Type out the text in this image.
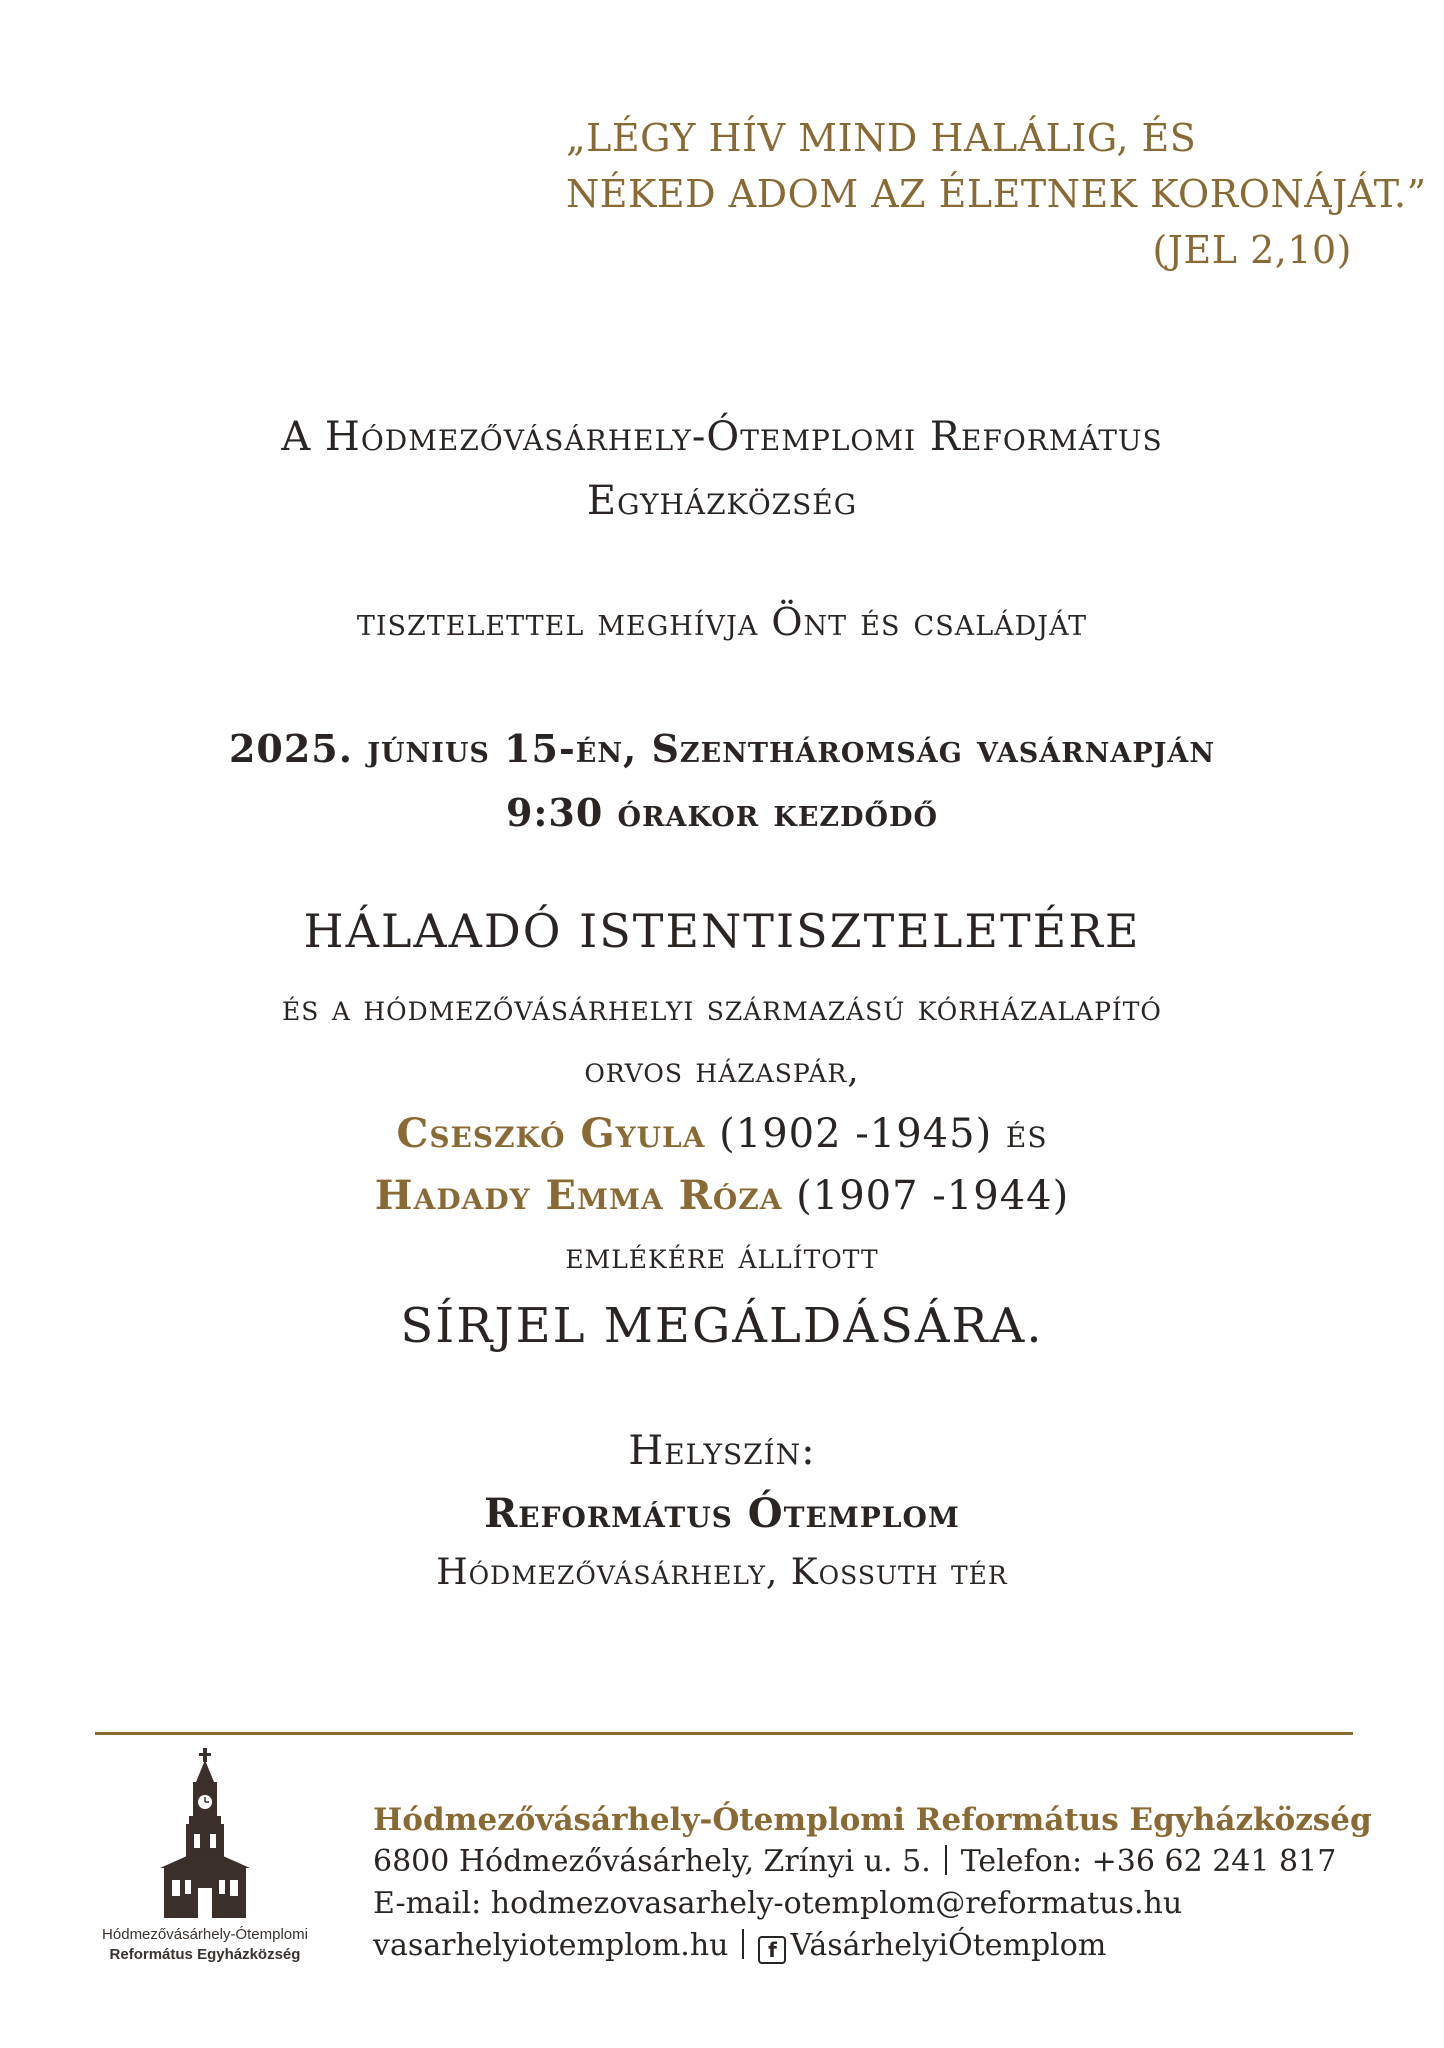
„LÉGY HÍV MIND HALÁLIG, ÉS
NÉKED ADOM AZ ÉLETNEK KORONÁJÁT.”
(JEL 2,10)
A Hódmezővásárhely-Ótemplomi Református
Egyházközség
tisztelettel meghívja Önt és családját
2025. június 15-én, Szentháromság vasárnapján
9:30 órakor kezdődő
HÁLAADÓ ISTENTISZTELETÉRE
és a hódmezővásárhelyi származású kórházalapító
orvos házaspár,
Cseszkó Gyula (1902 -1945) és
Hadady Emma Róza (1907 -1944)
emlékére állított
SÍRJEL MEGÁLDÁSÁRA.
Helyszín:
Református Ótemplom
Hódmezővásárhely, Kossuth tér
Hódmezővásárhely-Ótemplomi
Református Egyházközség
Hódmezővásárhely-Ótemplomi Református Egyházközség
6800 Hódmezővásárhely, Zrínyi u. 5. Telefon: +36 62 241 817
E-mail: hodmezovasarhely-otemplom@reformatus.hu
vasarhelyiotemplom.hu f VásárhelyiÓtemplom
